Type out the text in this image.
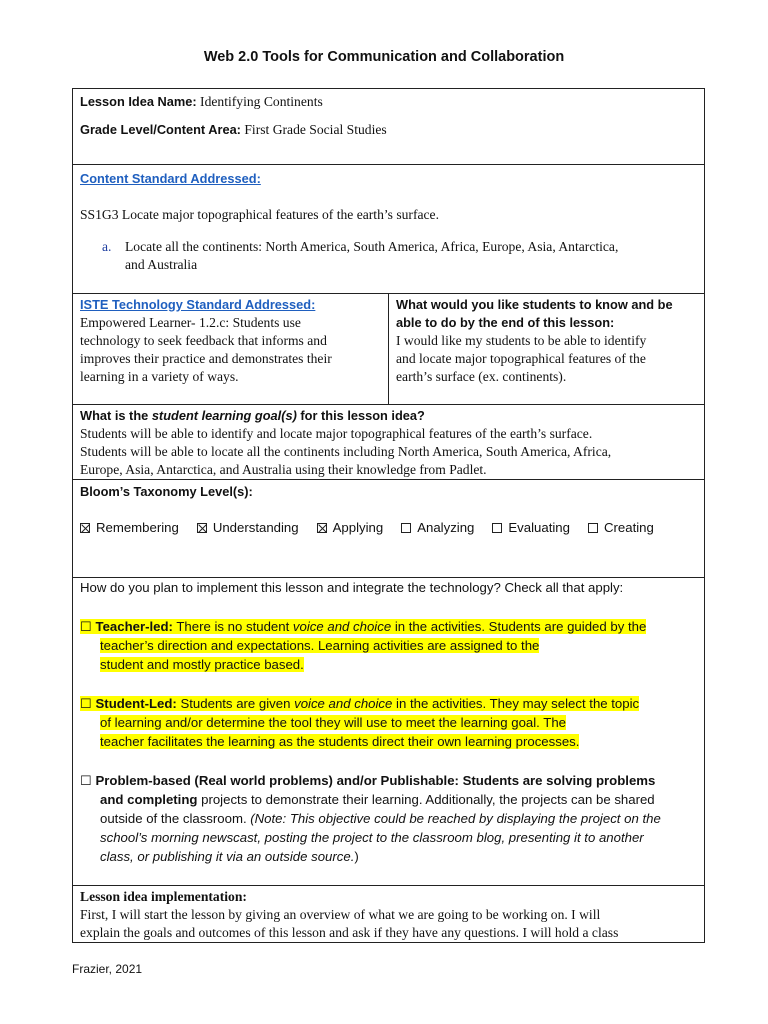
Web 2.0 Tools for Communication and Collaboration
Lesson Idea Name: Identifying Continents
Grade Level/Content Area: First Grade Social Studies
Content Standard Addressed:
SS1G3 Locate major topographical features of the earth’s surface.
a. Locate all the continents: North America, South America, Africa, Europe, Asia, Antarctica,
and Australia
ISTE Technology Standard Addressed:
Empowered Learner- 1.2.c: Students use
technology to seek feedback that informs and
improves their practice and demonstrates their
learning in a variety of ways.
What would you like students to know and be
able to do by the end of this lesson:
I would like my students to be able to identify
and locate major topographical features of the
earth’s surface (ex. continents).
What is the student learning goal(s) for this lesson idea?
Students will be able to identify and locate major topographical features of the earth’s surface.
Students will be able to locate all the continents including North America, South America, Africa,
Europe, Asia, Antarctica, and Australia using their knowledge from Padlet.
Bloom’s Taxonomy Level(s):
Remembering	Understanding	Applying	Analyzing	Evaluating	Creating
How do you plan to implement this lesson and integrate the technology? Check all that apply:
☐ Teacher-led: There is no student voice and choice in the activities. Students are guided by the
teacher’s direction and expectations. Learning activities are assigned to the
student and mostly practice based.
☐ Student-Led: Students are given voice and choice in the activities. They may select the topic
of learning and/or determine the tool they will use to meet the learning goal. The
teacher facilitates the learning as the students direct their own learning processes.
☐ Problem-based (Real world problems) and/or Publishable: Students are solving problems
and completing projects to demonstrate their learning. Additionally, the projects can be shared
outside of the classroom. (Note: This objective could be reached by displaying the project on the
school’s morning newscast, posting the project to the classroom blog, presenting it to another
class, or publishing it via an outside source.)
Lesson idea implementation:
First, I will start the lesson by giving an overview of what we are going to be working on. I will
explain the goals and outcomes of this lesson and ask if they have any questions. I will hold a class
Frazier, 2021
